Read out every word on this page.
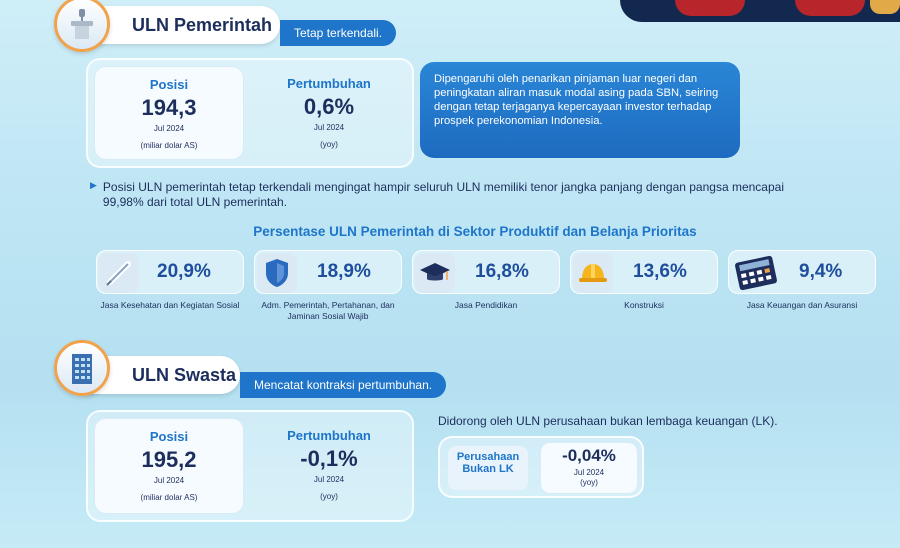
ULN Pemerintah Tetap terkendali.
Posisi
194,3
Jul 2024
(miliar dolar AS)
Pertumbuhan
0,6%
Jul 2024
(yoy)
Dipengaruhi oleh penarikan pinjaman luar negeri dan peningkatan aliran masuk modal asing pada SBN, seiring dengan tetap terjaganya kepercayaan investor terhadap prospek perekonomian Indonesia.
▶ Posisi ULN pemerintah tetap terkendali mengingat hampir seluruh ULN memiliki tenor jangka panjang dengan pangsa mencapai 99,98% dari total ULN pemerintah.
Persentase ULN Pemerintah di Sektor Produktif dan Belanja Prioritas
20,9%
Jasa Kesehatan dan Kegiatan Sosial
18,9%
Adm. Pemerintah, Pertahanan, dan Jaminan Sosial Wajib
16,8%
Jasa Pendidikan
13,6%
Konstruksi
9,4%
Jasa Keuangan dan Asuransi
ULN Swasta
Mencatat kontraksi pertumbuhan.
Posisi
195,2
Jul 2024
(miliar dolar AS)
Pertumbuhan
-0,1%
Jul 2024
(yoy)
Didorong oleh ULN perusahaan bukan lembaga keuangan (LK).
Perusahaan Bukan LK
-0,04%
Jul 2024
(yoy)
